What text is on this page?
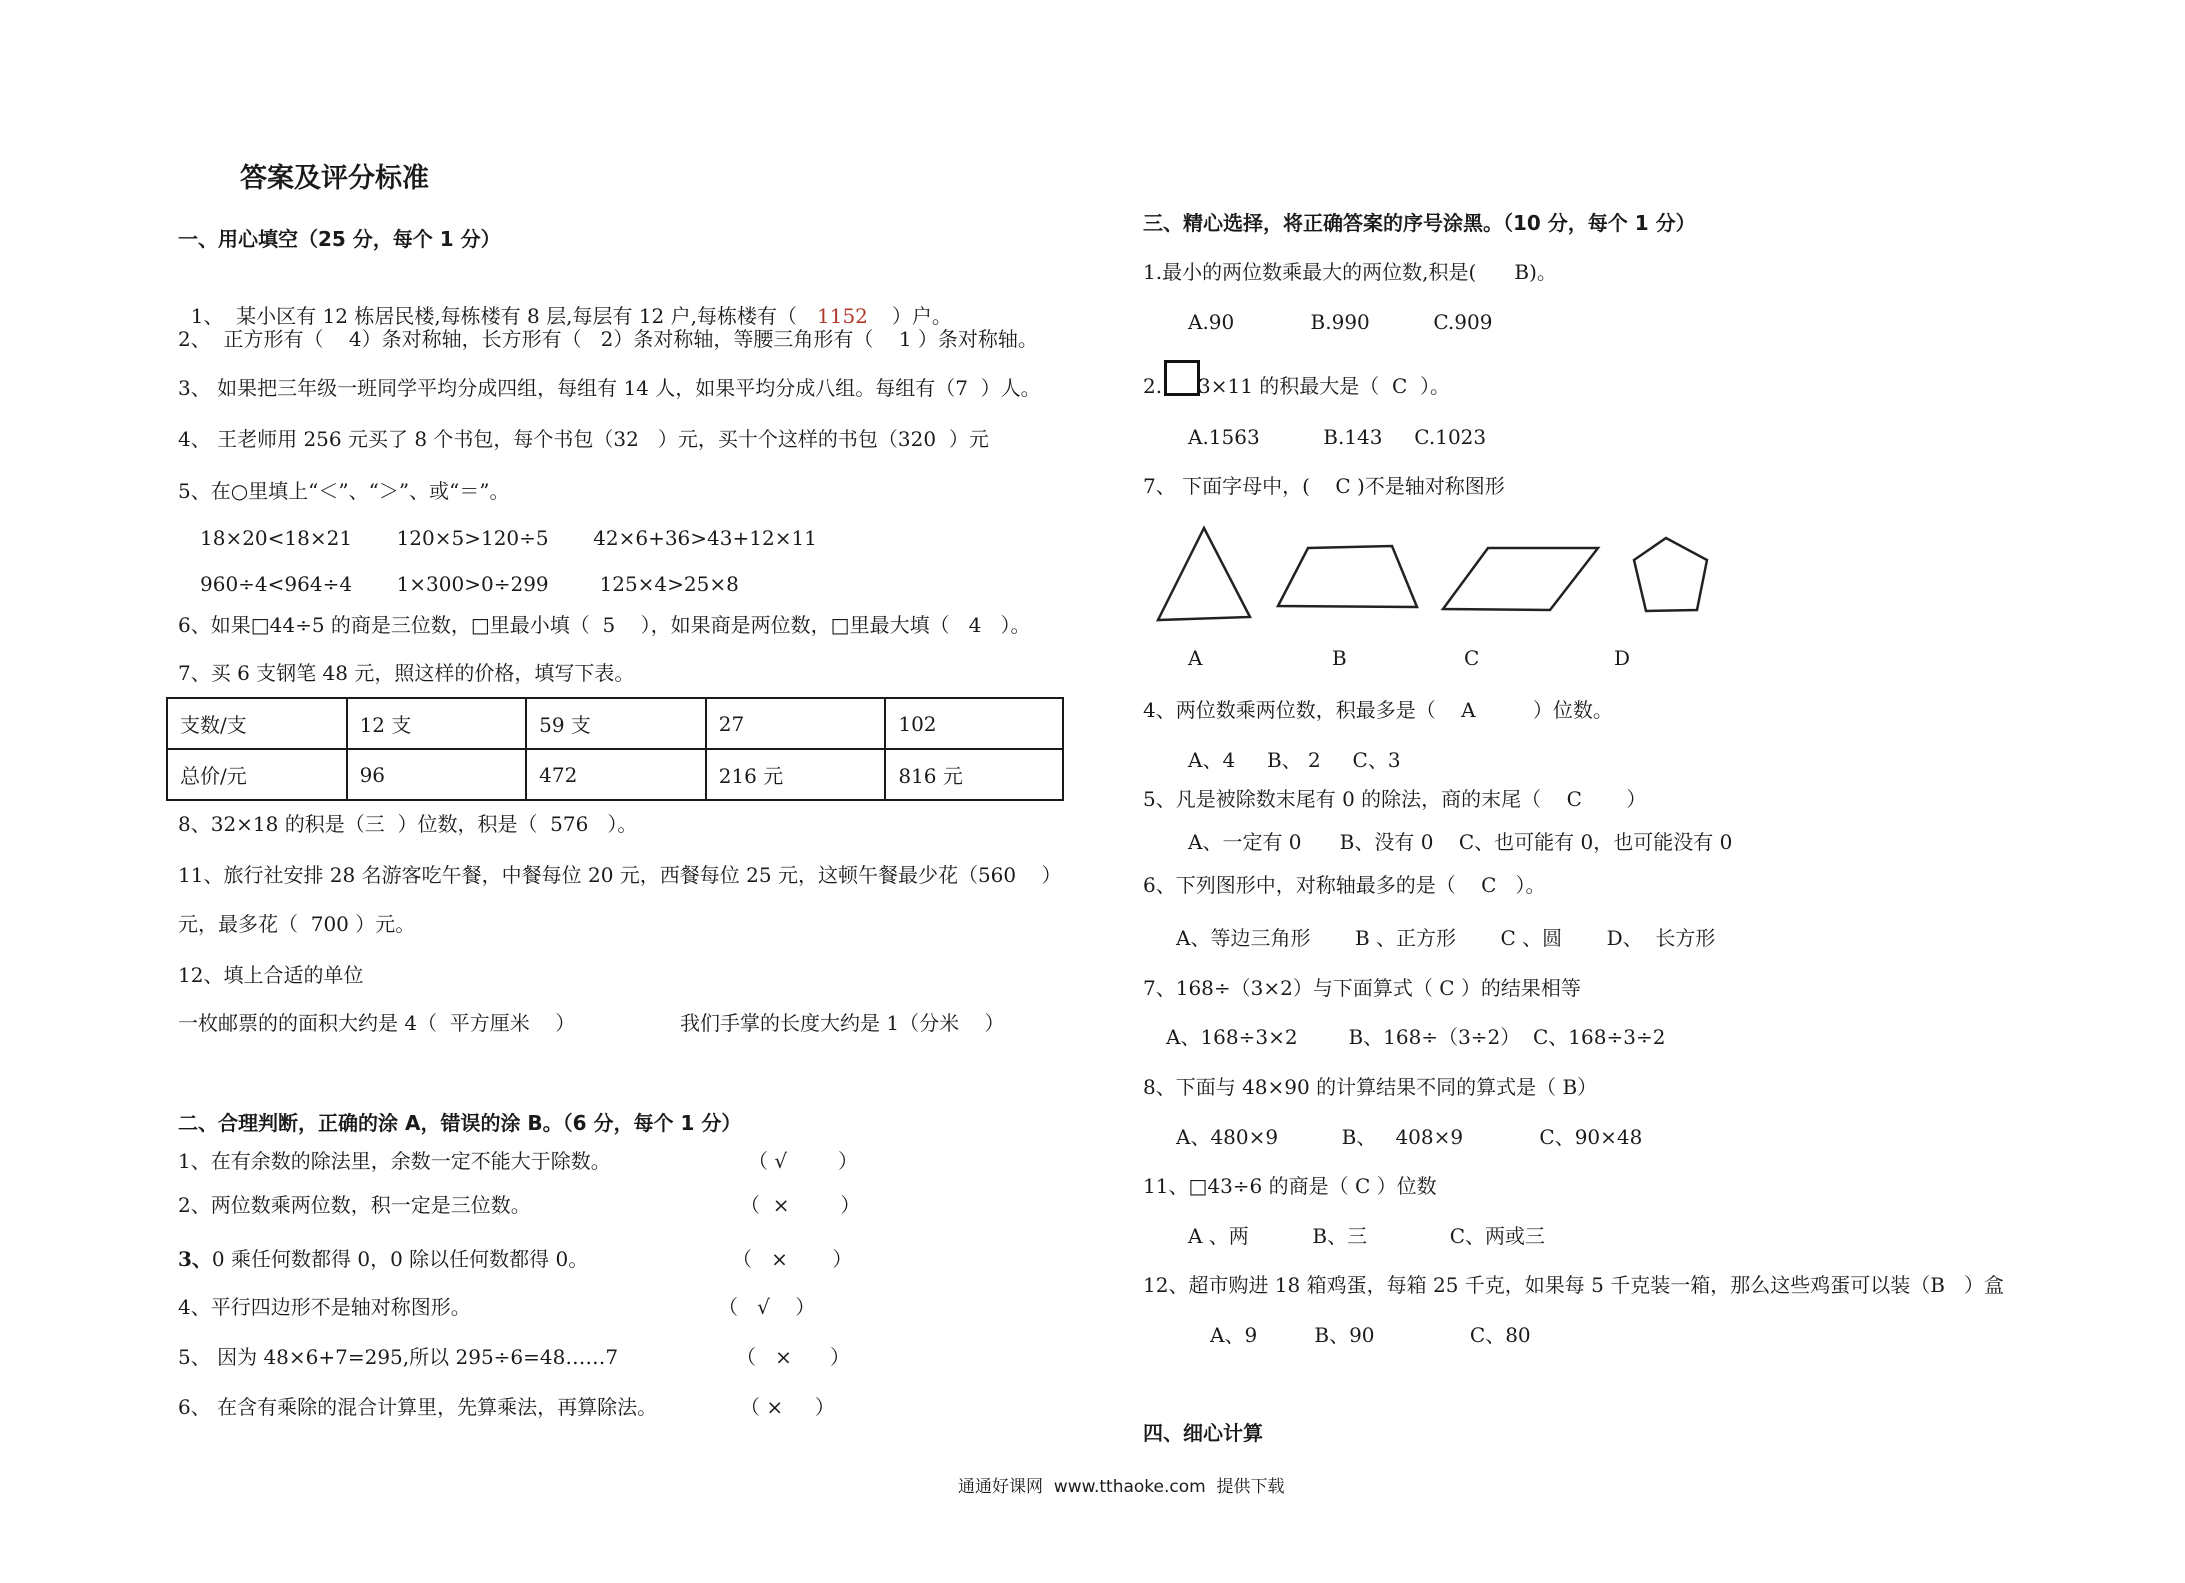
答案及评分标准
一、用心填空（25 分，每个 1 分）

1、  某小区有 12 栋居民楼,每栋楼有 8 层,每层有 12 户,每栋楼有（ 1152 ）户。

2、  正方形有（    4）条对称轴，长方形有（   2）条对称轴，等腰三角形有（    1 ）条对称轴。
3、 如果把三年级一班同学平均分成四组，每组有 14 人，如果平均分成八组。每组有（7  ）人。
4、 王老师用 256 元买了 8 个书包，每个书包（32   ）元，买十个这样的书包（320  ）元
5、在○里填上“＜”、“＞”、或“＝”。
18×20<18×21       120×5>120÷5       42×6+36>43+12×11
960÷4<964÷4       1×300>0÷299        125×4>25×8
6、如果□44÷5 的商是三位数，□里最小填（  5    ），如果商是两位数，□里最大填（   4   ）。
7、买 6 支钢笔 48 元，照这样的价格，填写下表。
支数/支	12 支	59 支	27	102
总价/元	96	472	216 元	816 元
8、32×18 的积是（三  ）位数，积是（  576   ）。
11、旅行社安排 28 名游客吃午餐，中餐每位 20 元，西餐每位 25 元，这顿午餐最少花（560    ）
元，最多花（  700 ）元。
12、填上合适的单位
一枚邮票的的面积大约是 4（  平方厘米    ）	我们手掌的长度大约是 1（分米    ）
二、合理判断，正确的涂 A，错误的涂 B。（6 分，每个 1 分）
1、在有余数的除法里，余数一定不能大于除数。	（ √        ）
2、两位数乘两位数，积一定是三位数。	（  ×        ）
3、0 乘任何数都得 0，0 除以任何数都得 0。	（   ×       ）
4、平行四边形不是轴对称图形。	（   √    ）
5、 因为 48×6+7=295,所以 295÷6=48……7	（   ×      ）
6、 在含有乘除的混合计算里，先算乘法，再算除法。	（ ×     ）
三、精心选择，将正确答案的序号涂黑。（10 分，每个 1 分）
1.最小的两位数乘最大的两位数,积是(      B)。
A.90            B.990          C.909
2. 3×11 的积最大是（  C  ）。
A.1563          B.143     C.1023
7、 下面字母中，(    C )不是轴对称图形
A	B	C	D
4、两位数乘两位数，积最多是（    A         ）位数。
A、4     B、 2     C、3
5、凡是被除数末尾有 0 的除法，商的末尾（    C       ）
A、一定有 0      B、没有 0    C、也可能有 0，也可能没有 0
6、下列图形中，对称轴最多的是（    C   ）。
A、等边三角形       B 、正方形       C 、圆       D、  长方形
7、168÷（3×2）与下面算式（ C ）的结果相等
A、168÷3×2        B、168÷（3÷2）  C、168÷3÷2
8、下面与 48×90 的计算结果不同的算式是（ B）
A、480×9          B、   408×9            C、90×48
11、□43÷6 的商是（ C ）位数
A 、两          B、三             C、两或三
12、超市购进 18 箱鸡蛋，每箱 25 千克，如果每 5 千克装一箱，那么这些鸡蛋可以装（B   ）盒
A、9         B、90               C、80
四、细心计算
通通好课网  www.tthaoke.com  提供下载
